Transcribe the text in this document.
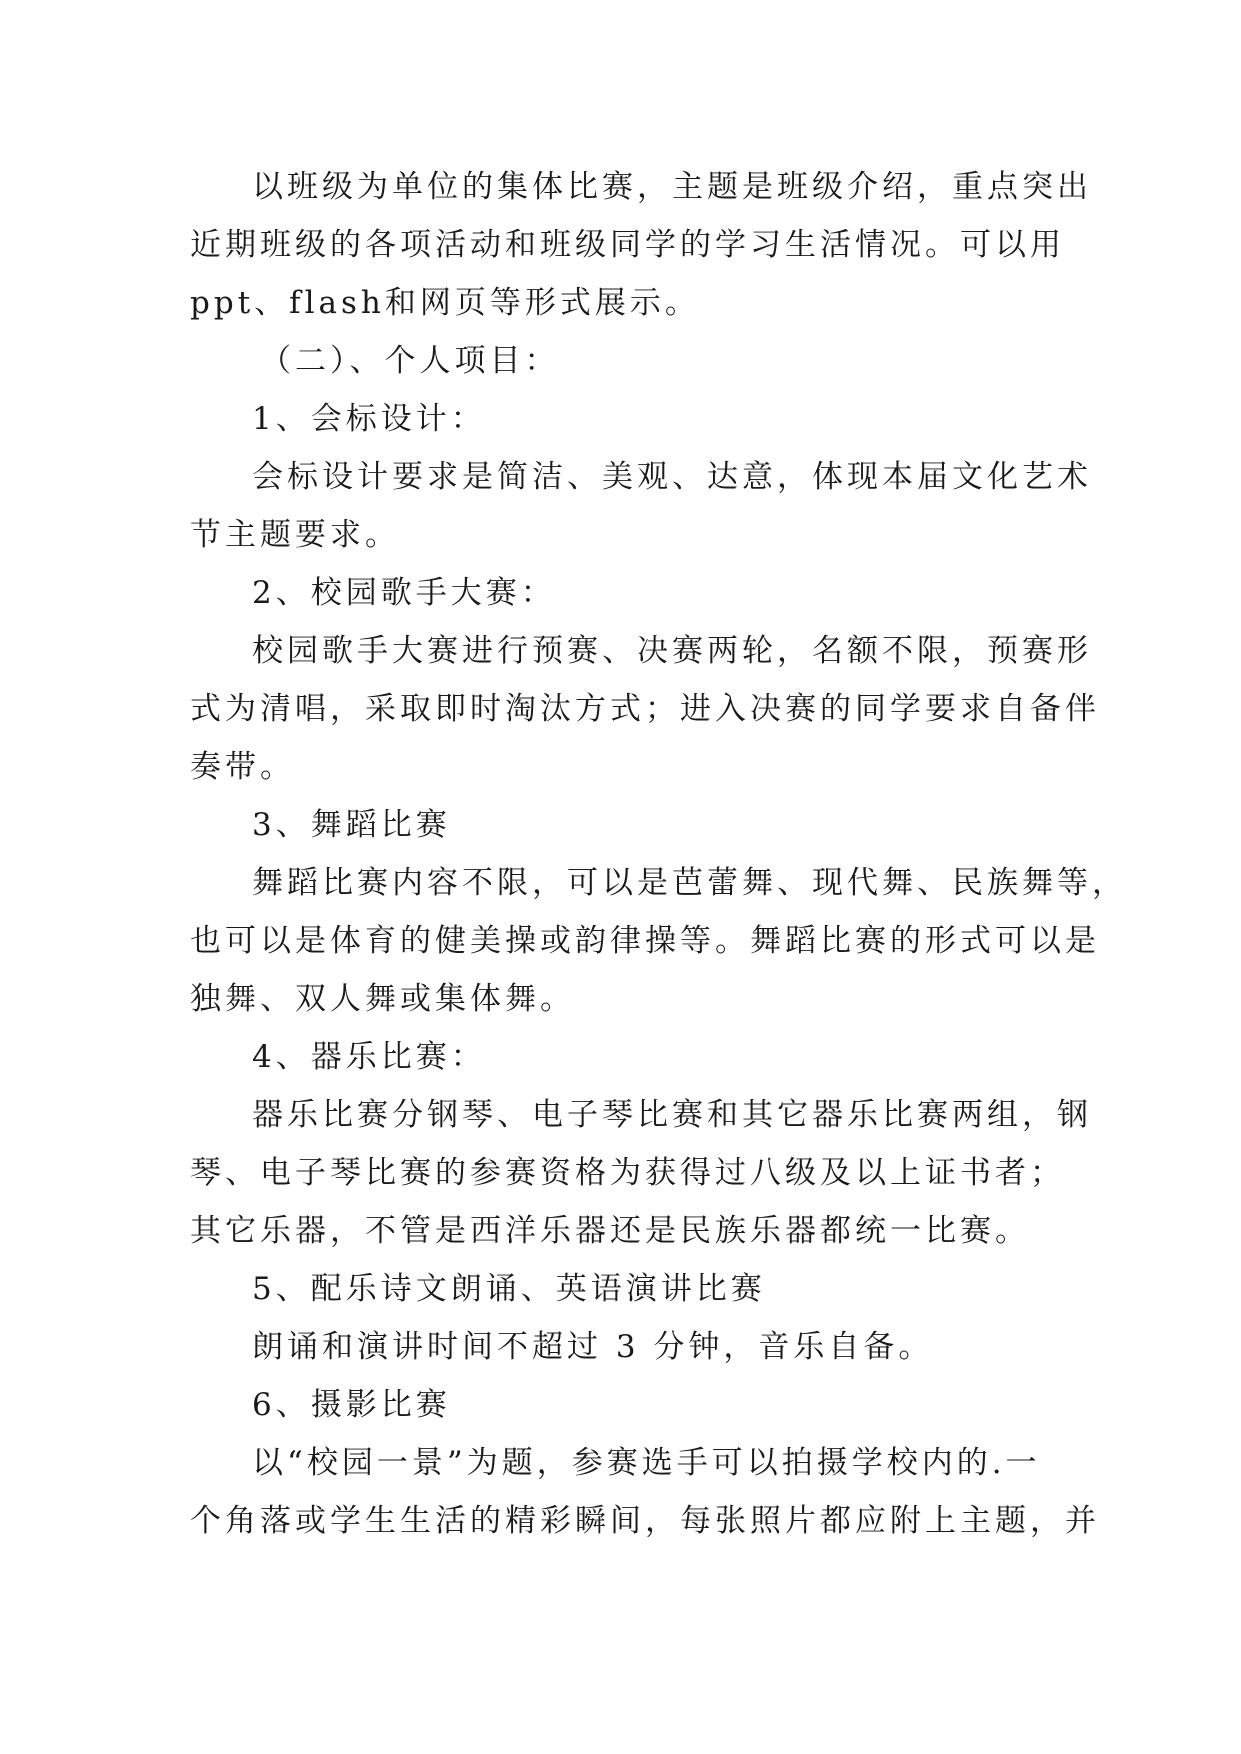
以班级为单位的集体比赛，主题是班级介绍，重点突出
近期班级的各项活动和班级同学的学习生活情况。可以用
ppt、flash和网页等形式展示。

（二）、个人项目：

1、会标设计：

会标设计要求是简洁、美观、达意，体现本届文化艺术
节主题要求。

2、校园歌手大赛：

校园歌手大赛进行预赛、决赛两轮，名额不限，预赛形
式为清唱，采取即时淘汰方式；进入决赛的同学要求自备伴
奏带。

3、舞蹈比赛

舞蹈比赛内容不限，可以是芭蕾舞、现代舞、民族舞等，
也可以是体育的健美操或韵律操等。舞蹈比赛的形式可以是
独舞、双人舞或集体舞。

4、器乐比赛：

器乐比赛分钢琴、电子琴比赛和其它器乐比赛两组，钢
琴、电子琴比赛的参赛资格为获得过八级及以上证书者；
其它乐器，不管是西洋乐器还是民族乐器都统一比赛。

5、配乐诗文朗诵、英语演讲比赛

朗诵和演讲时间不超过 3 分钟，音乐自备。

6、摄影比赛

以“校园一景”为题，参赛选手可以拍摄学校内的.一
个角落或学生生活的精彩瞬间，每张照片都应附上主题，并
